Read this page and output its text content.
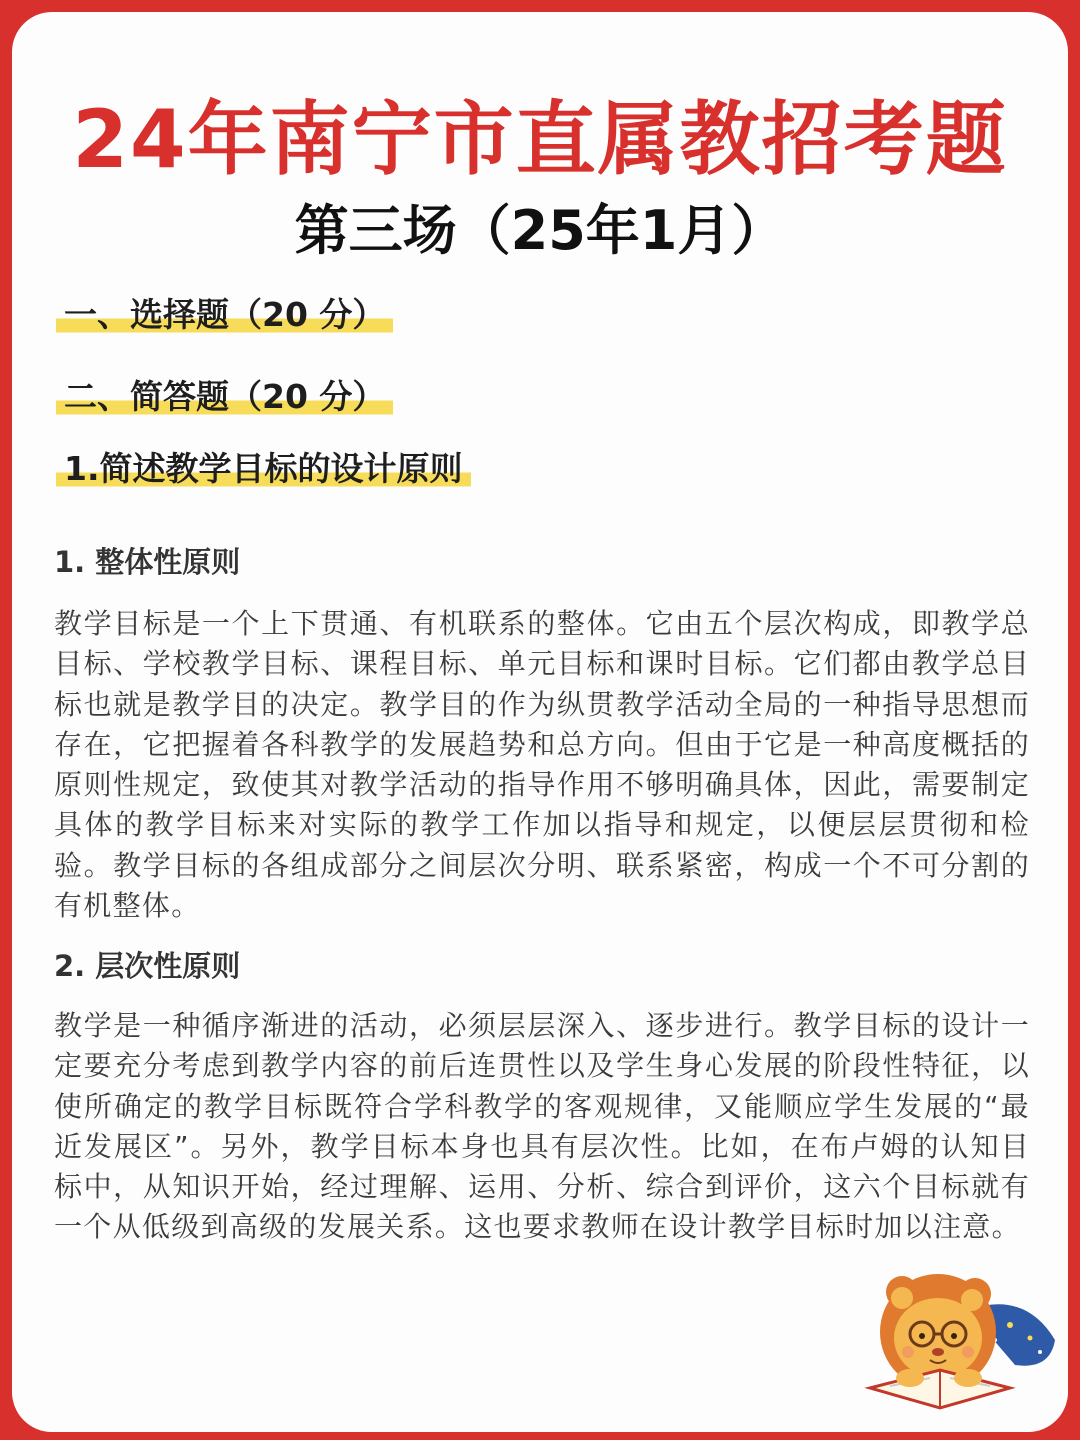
24年南宁市直属教招考题
第三场（25年1月）
一、选择题（20 分）
二、简答题（20 分）
1.简述教学目标的设计原则
1. 整体性原则

教学目标是一个上下贯通、有机联系的整体。它由五个层次构成，即教学总目标、学校教学目标、课程目标、单元目标和课时目标。它们都由教学总目标也就是教学目的决定。教学目的作为纵贯教学活动全局的一种指导思想而存在，它把握着各科教学的发展趋势和总方向。但由于它是一种高度概括的原则性规定，致使其对教学活动的指导作用不够明确具体，因此，需要制定具体的教学目标来对实际的教学工作加以指导和规定，以便层层贯彻和检验。教学目标的各组成部分之间层次分明、联系紧密，构成一个不可分割的有机整体。

2. 层次性原则

教学是一种循序渐进的活动，必须层层深入、逐步进行。教学目标的设计一定要充分考虑到教学内容的前后连贯性以及学生身心发展的阶段性特征，以使所确定的教学目标既符合学科教学的客观规律，又能顺应学生发展的“最近发展区”。另外，教学目标本身也具有层次性。比如，在布卢姆的认知目标中，从知识开始，经过理解、运用、分析、综合到评价，这六个目标就有一个从低级到高级的发展关系。这也要求教师在设计教学目标时加以注意。
